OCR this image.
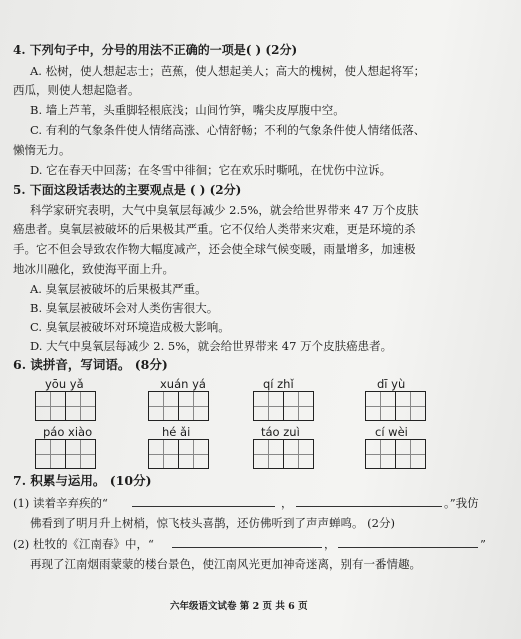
4. 下列句子中，分号的用法不正确的一项是( ) (2分)
A. 松树，使人想起志士；芭蕉，使人想起美人；高大的槐树，使人想起将军；
西瓜，则使人想起隐者。
B. 墙上芦苇，头重脚轻根底浅；山间竹笋，嘴尖皮厚腹中空。
C. 有利的气象条件使人情绪高涨、心情舒畅；不利的气象条件使人情绪低落、
懒惰无力。
D. 它在春天中回荡；在冬雪中徘徊；它在欢乐时嘶吼，在忧伤中泣诉。
5. 下面这段话表达的主要观点是 ( ) (2分)
科学家研究表明，大气中臭氧层每减少 2.5%，就会给世界带来 47 万个皮肤
癌患者。臭氧层被破坏的后果极其严重。它不仅给人类带来灾难，更是环境的杀
手。它不但会导致农作物大幅度减产，还会使全球气候变暖，雨量增多，加速极
地冰川融化，致使海平面上升。
A. 臭氧层被破坏的后果极其严重。
B. 臭氧层被破坏会对人类伤害很大。
C. 臭氧层被破坏对环境造成极大影响。
D. 大气中臭氧层每减少 2. 5%，就会给世界带来 47 万个皮肤癌患者。
6. 读拼音，写词语。 (8分)
yōu yǎ	xuán yá	qí zhǐ	dī yù
páo xiào	hé ǎi	táo zuì	cí wèi
7. 积累与运用。 (10分)
(1) 读着辛弃疾的“	，	。”我仿
佛看到了明月升上树梢，惊飞枝头喜鹊，还仿佛听到了声声蝉鸣。 (2分)
(2) 杜牧的《江南春》中，“	，	”
再现了江南烟雨蒙蒙的楼台景色，使江南风光更加神奇迷离，别有一番情趣。
六年级语文试卷 第 2 页 共 6 页
